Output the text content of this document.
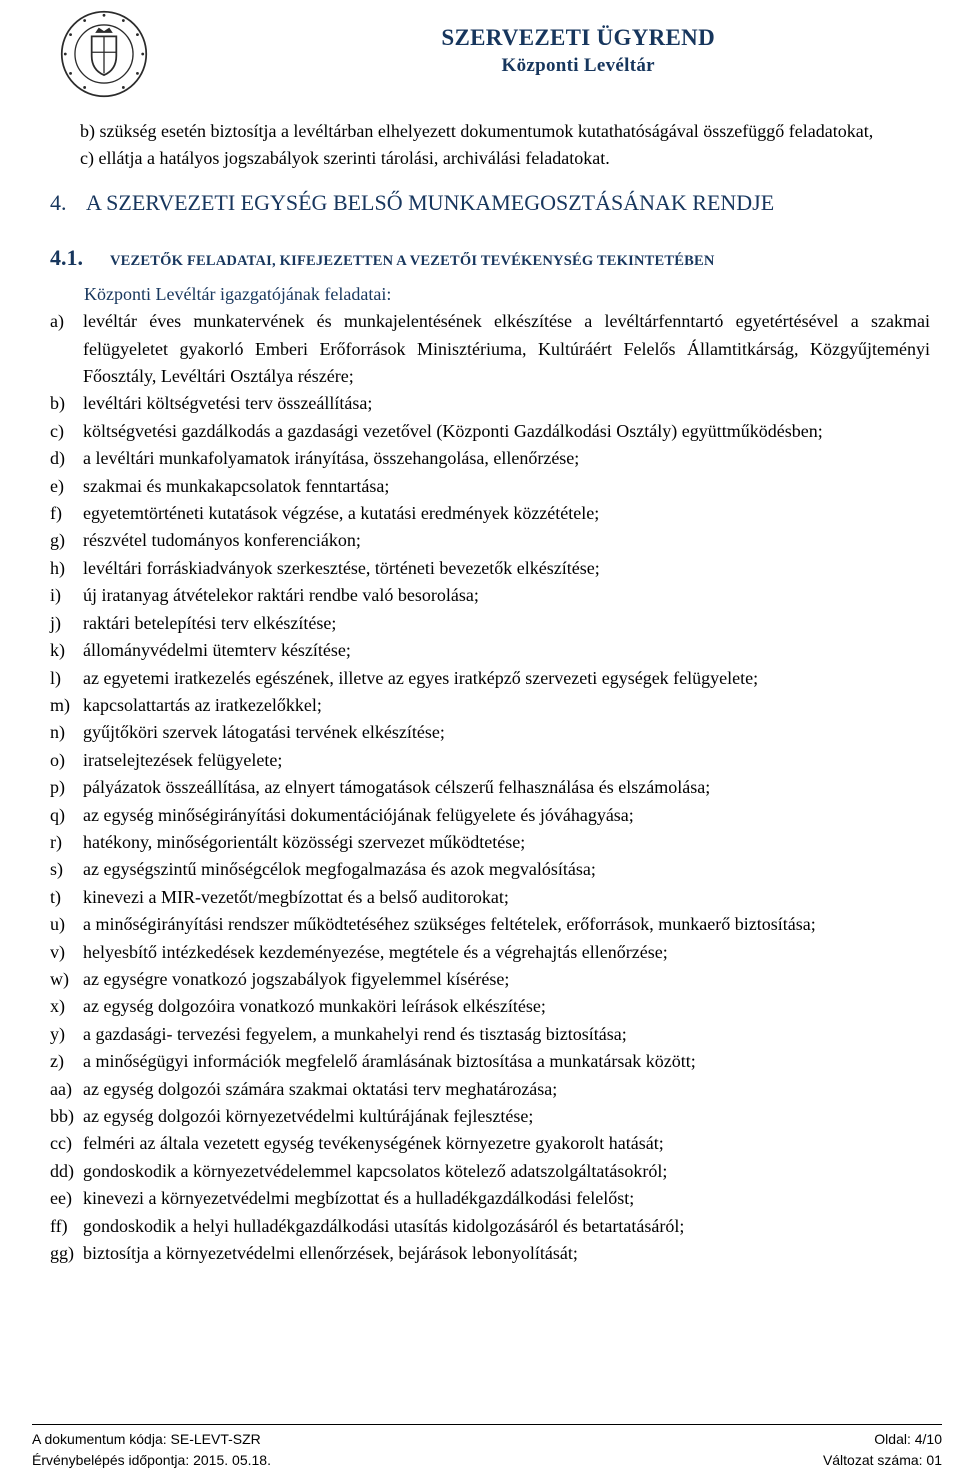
SZERVEZETI ÜGYREND
Központi Levéltár
b) szükség esetén biztosítja a levéltárban elhelyezett dokumentumok kutathatóságával összefüggő feladatokat,
c) ellátja a hatályos jogszabályok szerinti tárolási, archiválási feladatokat.
4. A SZERVEZETI EGYSÉG BELSŐ MUNKAMEGOSZTÁSÁNAK RENDJE
4.1.	VEZETŐK FELADATAI, KIFEJEZETTEN A VEZETŐI TEVÉKENYSÉG TEKINTETÉBEN
Központi Levéltár igazgatójának feladatai:
a)	levéltár éves munkatervének és munkajelentésének elkészítése a levéltárfenntartó egyetértésével a szakmai felügyeletet gyakorló Emberi Erőforrások Minisztériuma, Kultúráért Felelős Államtitkárság, Közgyűjteményi Főosztály, Levéltári Osztálya részére;
b)	levéltári költségvetési terv összeállítása;
c)	költségvetési gazdálkodás a gazdasági vezetővel (Központi Gazdálkodási Osztály) együttműködésben;
d)	a levéltári munkafolyamatok irányítása, összehangolása, ellenőrzése;
e)	szakmai és munkakapcsolatok fenntartása;
f)	egyetemtörténeti kutatások végzése, a kutatási eredmények közzététele;
g)	részvétel tudományos konferenciákon;
h)	levéltári forráskiadványok szerkesztése, történeti bevezetők elkészítése;
i)	új iratanyag átvételekor raktári rendbe való besorolása;
j)	raktári betelepítési terv elkészítése;
k)	állományvédelmi ütemterv készítése;
l)	az egyetemi iratkezelés egészének, illetve az egyes iratképző szervezeti egységek felügyelete;
m) kapcsolattartás az iratkezelőkkel;
n)	gyűjtőköri szervek látogatási tervének elkészítése;
o)	iratselejtezések felügyelete;
p)	pályázatok összeállítása, az elnyert támogatások célszerű felhasználása és elszámolása;
q)	az egység minőségirányítási dokumentációjának felügyelete és jóváhagyása;
r)	hatékony, minőségorientált közösségi szervezet működtetése;
s)	az egységszintű minőségcélok megfogalmazása és azok megvalósítása;
t)	kinevezi a MIR-vezetőt/megbízottat és a belső auditorokat;
u)	a minőségirányítási rendszer működtetéséhez szükséges feltételek, erőforrások, munkaerő biztosítása;
v)	helyesbítő intézkedések kezdeményezése, megtétele és a végrehajtás ellenőrzése;
w) az egységre vonatkozó jogszabályok figyelemmel kísérése;
x)	az egység dolgozóira vonatkozó munkaköri leírások elkészítése;
y)	a gazdasági- tervezési fegyelem, a munkahelyi rend és tisztaság biztosítása;
z)	a minőségügyi információk megfelelő áramlásának biztosítása a munkatársak között;
aa) az egység dolgozói számára szakmai oktatási terv meghatározása;
bb) az egység dolgozói környezetvédelmi kultúrájának fejlesztése;
cc) felméri az általa vezetett egység tevékenységének környezetre gyakorolt hatását;
dd) gondoskodik a környezetvédelemmel kapcsolatos kötelező adatszolgáltatásokról;
ee) kinevezi a környezetvédelmi megbízottat és a hulladékgazdálkodási felelőst;
ff) gondoskodik a helyi hulladékgazdálkodási utasítás kidolgozásáról és betartatásáról;
gg) biztosítja a környezetvédelmi ellenőrzések, bejárások lebonyolítását;
A dokumentum kódja: SE-LEVT-SZR	Oldal: 4/10
Érvénybelépés időpontja: 2015. 05.18.	Változat száma: 01
